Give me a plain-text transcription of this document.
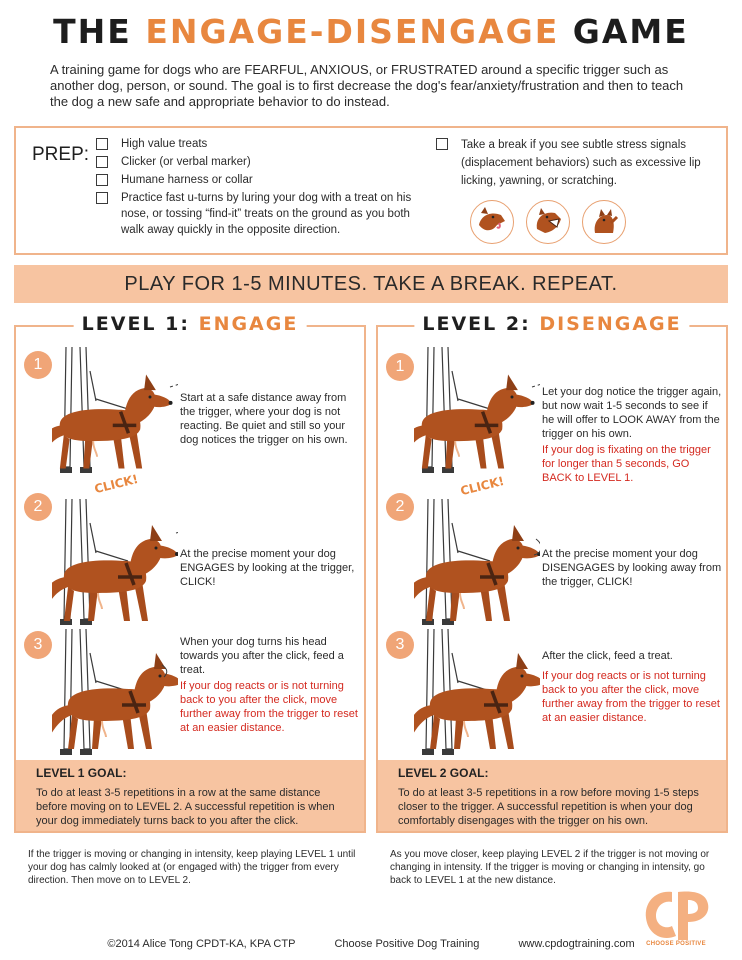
THE ENGAGE-DISENGAGE GAME

A training game for dogs who are FEARFUL, ANXIOUS, or FRUSTRATED around a specific trigger such as another dog, person, or sound. The goal is to first decrease the dog's fear/anxiety/frustration and then to teach the dog a new safe and appropriate behavior to do instead.

PREP:	High value treats
Clicker (or verbal marker)
Humane harness or collar
Practice fast u-turns by luring your dog with a treat on his nose, or tossing “find-it” treats on the ground as you both walk away quickly in the opposite direction.
Take a break if you see subtle stress signals (displacement behaviors) such as excessive lip licking, yawning, or scratching.
PLAY FOR 1-5 MINUTES. TAKE A BREAK. REPEAT.
LEVEL 1: ENGAGE
1
Start at a safe distance away from the trigger, where your dog is not reacting. Be quiet and still so your dog notices the trigger on his own.
2
CLICK!
At the precise moment your dog ENGAGES by looking at the trigger, CLICK!
3	When your dog turns his head towards you after the click, feed a treat.
If your dog reacts or is not turning back to you after the click, move further away from the trigger to reset at an easier distance.
LEVEL 1 GOAL:
To do at least 3-5 repetitions in a row at the same distance before moving on to LEVEL 2. A successful repetition is when your dog immediately turns back to you after the click.
LEVEL 2: DISENGAGE
1
Let your dog notice the trigger again, but now wait 1-5 seconds to see if he will offer to LOOK AWAY from the trigger on his own.
If your dog is fixating on the trigger for longer than 5 seconds, GO BACK to LEVEL 1.
2
CLICK!
At the precise moment your dog DISENGAGES by looking away from the trigger, CLICK!
3
After the click, feed a treat.
If your dog reacts or is not turning back to you after the click, move further away from the trigger to reset at an easier distance.
LEVEL 2 GOAL:
To do at least 3-5 repetitions in a row before moving 1-5 steps closer to the trigger. A successful repetition is when your dog comfortably disengages with the trigger on his own.
If the trigger is moving or changing in intensity, keep playing LEVEL 1 until your dog has calmly looked at (or engaged with) the trigger from every direction. Then move on to LEVEL 2.
As you move closer, keep playing LEVEL 2 if the trigger is not moving or changing in intensity. If the trigger is moving or changing in intensity, go back to LEVEL 1 at the new distance.
©2014 Alice Tong CPDT-KA, KPA CTP	Choose Positive Dog Training	www.cpdogtraining.com	CHOOSE POSITIVE
